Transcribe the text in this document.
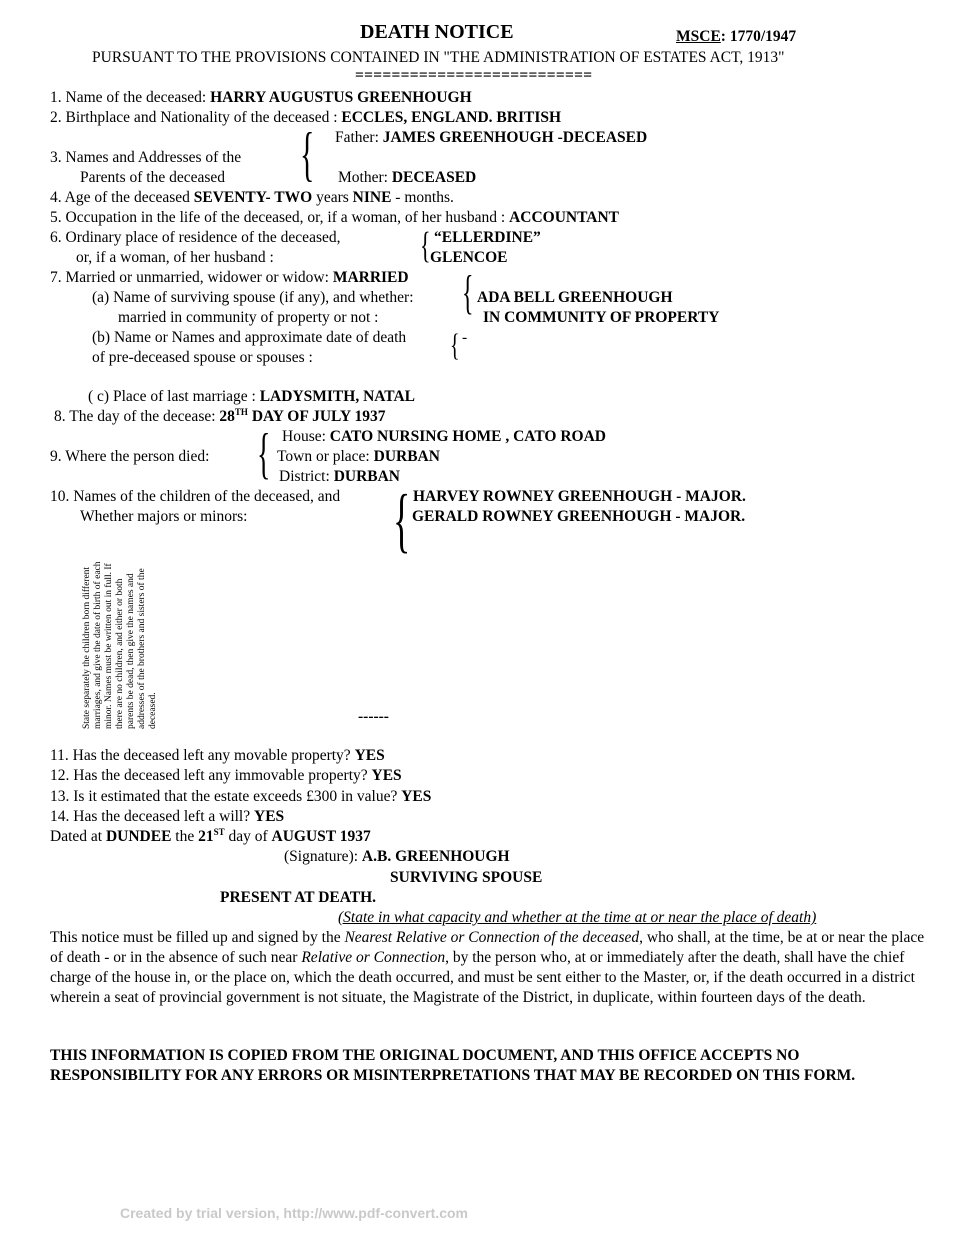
DEATH NOTICE	MSCE: 1770/1947
PURSUANT TO THE PROVISIONS CONTAINED IN "THE ADMINISTRATION OF ESTATES ACT, 1913"
==========================
1. Name of the deceased: HARRY AUGUSTUS GREENHOUGH
2. Birthplace and Nationality of the deceased : ECCLES, ENGLAND. BRITISH
3. Names and Addresses of the
Parents of the deceased { Father: JAMES GREENHOUGH -DECEASED
Mother: DECEASED
4. Age of the deceased SEVENTY- TWO years NINE - months.
5. Occupation in the life of the deceased, or, if a woman, of her husband : ACCOUNTANT
6. Ordinary place of residence of the deceased,
or, if a woman, of her husband :	{ “ELLERDINE”
GLENCOE
7. Married or unmarried, widower or widow: MARRIED
(a) Name of surviving spouse (if any), and whether:
married in community of property or not :	{ ADA BELL GREENHOUGH
IN COMMUNITY OF PROPERTY
(b) Name or Names and approximate date of death
of pre-deceased spouse or spouses :	{ -
( c) Place of last marriage : LADYSMITH, NATAL
8. The day of the decease: 28TH DAY OF JULY 1937
9. Where the person died: { House: CATO NURSING HOME , CATO ROAD
Town or place: DURBAN
District: DURBAN
10. Names of the children of the deceased, and
Whether majors or minors:	{ HARVEY ROWNEY GREENHOUGH - MAJOR.
GERALD ROWNEY GREENHOUGH - MAJOR.
State separately the children born different marriages, and give the date of birth of each minor. Names must be written out in full. If there are no children, and either or both parents be dead, then give the names and addresses of the brothers and sisters of the deceased.	------
11. Has the deceased left any movable property? YES
12. Has the deceased left any immovable property? YES
13. Is it estimated that the estate exceeds £300 in value? YES
14. Has the deceased left a will? YES
Dated at DUNDEE the 21ST day of AUGUST 1937
(Signature): A.B. GREENHOUGH
SURVIVING SPOUSE
PRESENT AT DEATH.
(State in what capacity and whether at the time at or near the place of death)
This notice must be filled up and signed by the Nearest Relative or Connection of the deceased, who shall, at the time, be at or near the place of death - or in the absence of such near Relative or Connection, by the person who, at or immediately after the death, shall have the chief charge of the house in, or the place on, which the death occurred, and must be sent either to the Master, or, if the death occurred in a district wherein a seat of provincial government is not situate, the Magistrate of the District, in duplicate, within fourteen days of the death.
THIS INFORMATION IS COPIED FROM THE ORIGINAL DOCUMENT, AND THIS OFFICE ACCEPTS NO RESPONSIBILITY FOR ANY ERRORS OR MISINTERPRETATIONS THAT MAY BE RECORDED ON THIS FORM.
Created by trial version, http://www.pdf-convert.com
